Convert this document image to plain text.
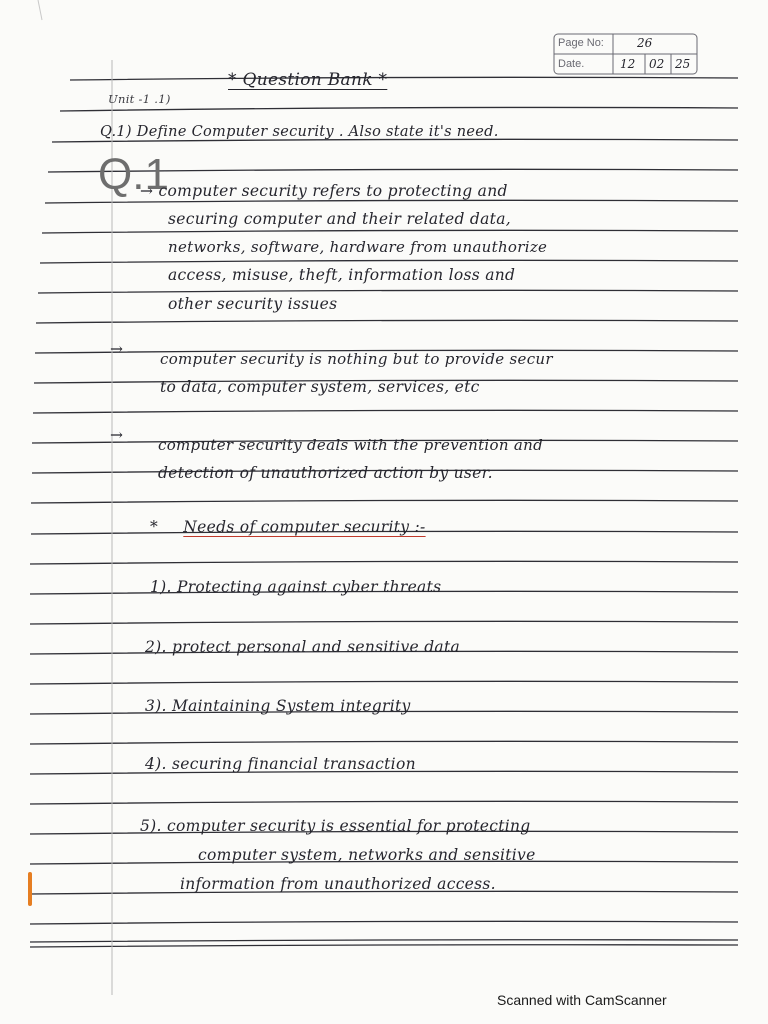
Page No:	26
Date.	12 02 25
* Question Bank *
Unit -1 .1)
Q.1) Define Computer security . Also state it's need.
Q.1
→ computer security refers to protecting and
securing computer and their related data,
networks, software, hardware from unauthorize
access, misuse, theft, information loss and
other security issues
→
computer security is nothing but to provide secur
to data, computer system, services, etc
→
computer security deals with the prevention and
detection of unauthorized action by user.
* Needs of computer security :-
1). Protecting against cyber threats
2). protect personal and sensitive data
3). Maintaining System integrity
4). securing financial transaction
5). computer security is essential for protecting
computer system, networks and sensitive
information from unauthorized access.
Scanned with CamScanner
